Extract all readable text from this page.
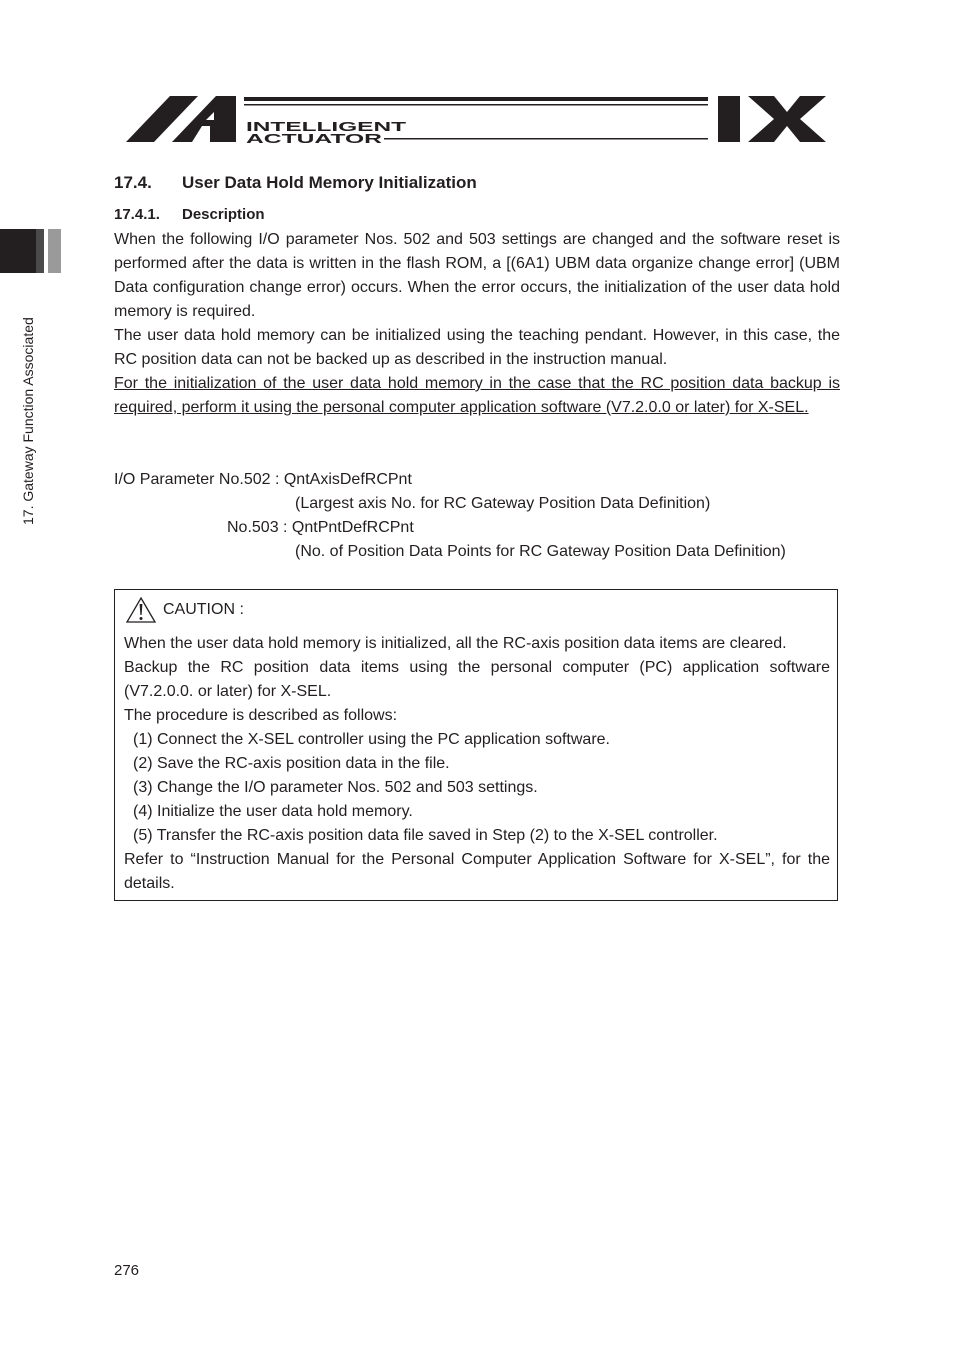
INTELLIGENT
ACTUATOR
17. Gateway Function Associated
17.4. User Data Hold Memory Initialization
17.4.1. Description

When the following I/O parameter Nos. 502 and 503 settings are changed and the software reset is performed after the data is written in the flash ROM, a [(6A1) UBM data organize change error] (UBM Data configuration change error) occurs. When the error occurs, the initialization of the user data hold memory is required.

The user data hold memory can be initialized using the teaching pendant. However, in this case, the RC position data can not be backed up as described in the instruction manual.

For the initialization of the user data hold memory in the case that the RC position data backup is required, perform it using the personal computer application software (V7.2.0.0 or later) for X-SEL.

I/O Parameter No.502 : QntAxisDefRCPnt
(Largest axis No. for RC Gateway Position Data Definition)
No.503 : QntPntDefRCPnt
(No. of Position Data Points for RC Gateway Position Data Definition)
CAUTION :

When the user data hold memory is initialized, all the RC-axis position data items are cleared.

Backup the RC position data items using the personal computer (PC) application software (V7.2.0.0. or later) for X-SEL.

The procedure is described as follows:

(1) Connect the X-SEL controller using the PC application software.

(2) Save the RC-axis position data in the file.

(3) Change the I/O parameter Nos. 502 and 503 settings.

(4) Initialize the user data hold memory.

(5) Transfer the RC-axis position data file saved in Step (2) to the X-SEL controller.

Refer to “Instruction Manual for the Personal Computer Application Software for X-SEL”, for the details.

276
